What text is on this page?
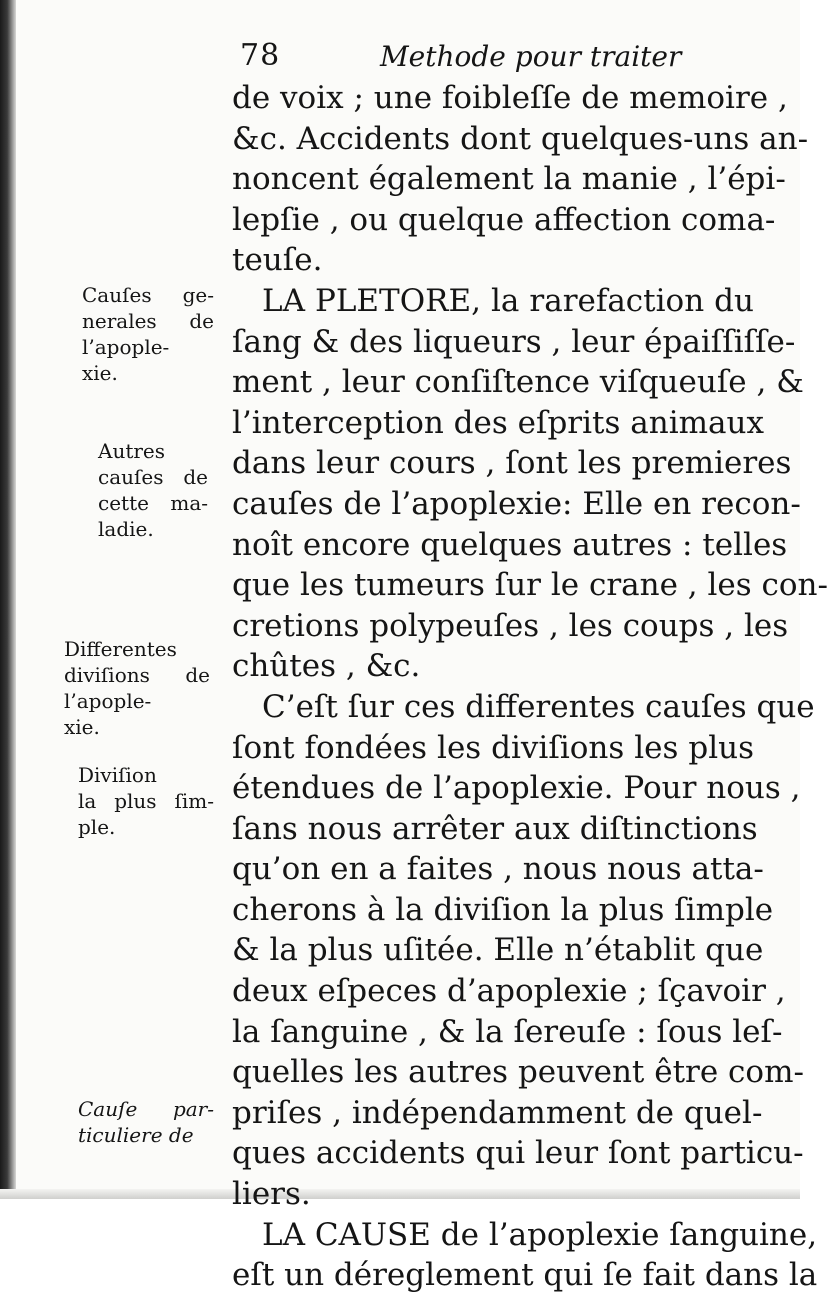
78	Methode pour traiter
de voix ; une foibleſſe de memoire ,
&c. Accidents dont quelques-uns an-
noncent également la manie , l’épi-
lepſie , ou quelque affection coma-
teuſe.
LA PLETORE, la rarefaction du
ſang & des liqueurs , leur épaiſſiſſe-
ment , leur conſiſtence viſqueuſe , &
l’interception des eſprits animaux
dans leur cours , ſont les premieres
cauſes de l’apoplexie: Elle en recon-
noît encore quelques autres : telles
que les tumeurs ſur le crane , les con-
cretions polypeuſes , les coups , les
chûtes , &c.
C’eſt ſur ces differentes cauſes que
ſont fondées les diviſions les plus
étendues de l’apoplexie. Pour nous ,
ſans nous arrêter aux diſtinctions
qu’on en a faites , nous nous atta-
cherons à la diviſion la plus ſimple
& la plus uſitée. Elle n’établit que
deux eſpeces d’apoplexie ; ſçavoir ,
la ſanguine , & la ſereuſe : ſous leſ-
quelles les autres peuvent être com-
priſes , indépendamment de quel-
ques accidents qui leur ſont particu-
liers.
LA CAUSE de l’apoplexie ſanguine,
eſt un déreglement qui ſe fait dans la
Cauſes ge-
nerales de
l’apople-
xie.
Autres
cauſes de
cette ma-
ladie.
Differentes
diviſions de
l’apople-
xie.
Diviſion
la plus ſim-
ple.
Cauſe par-
ticuliere de
